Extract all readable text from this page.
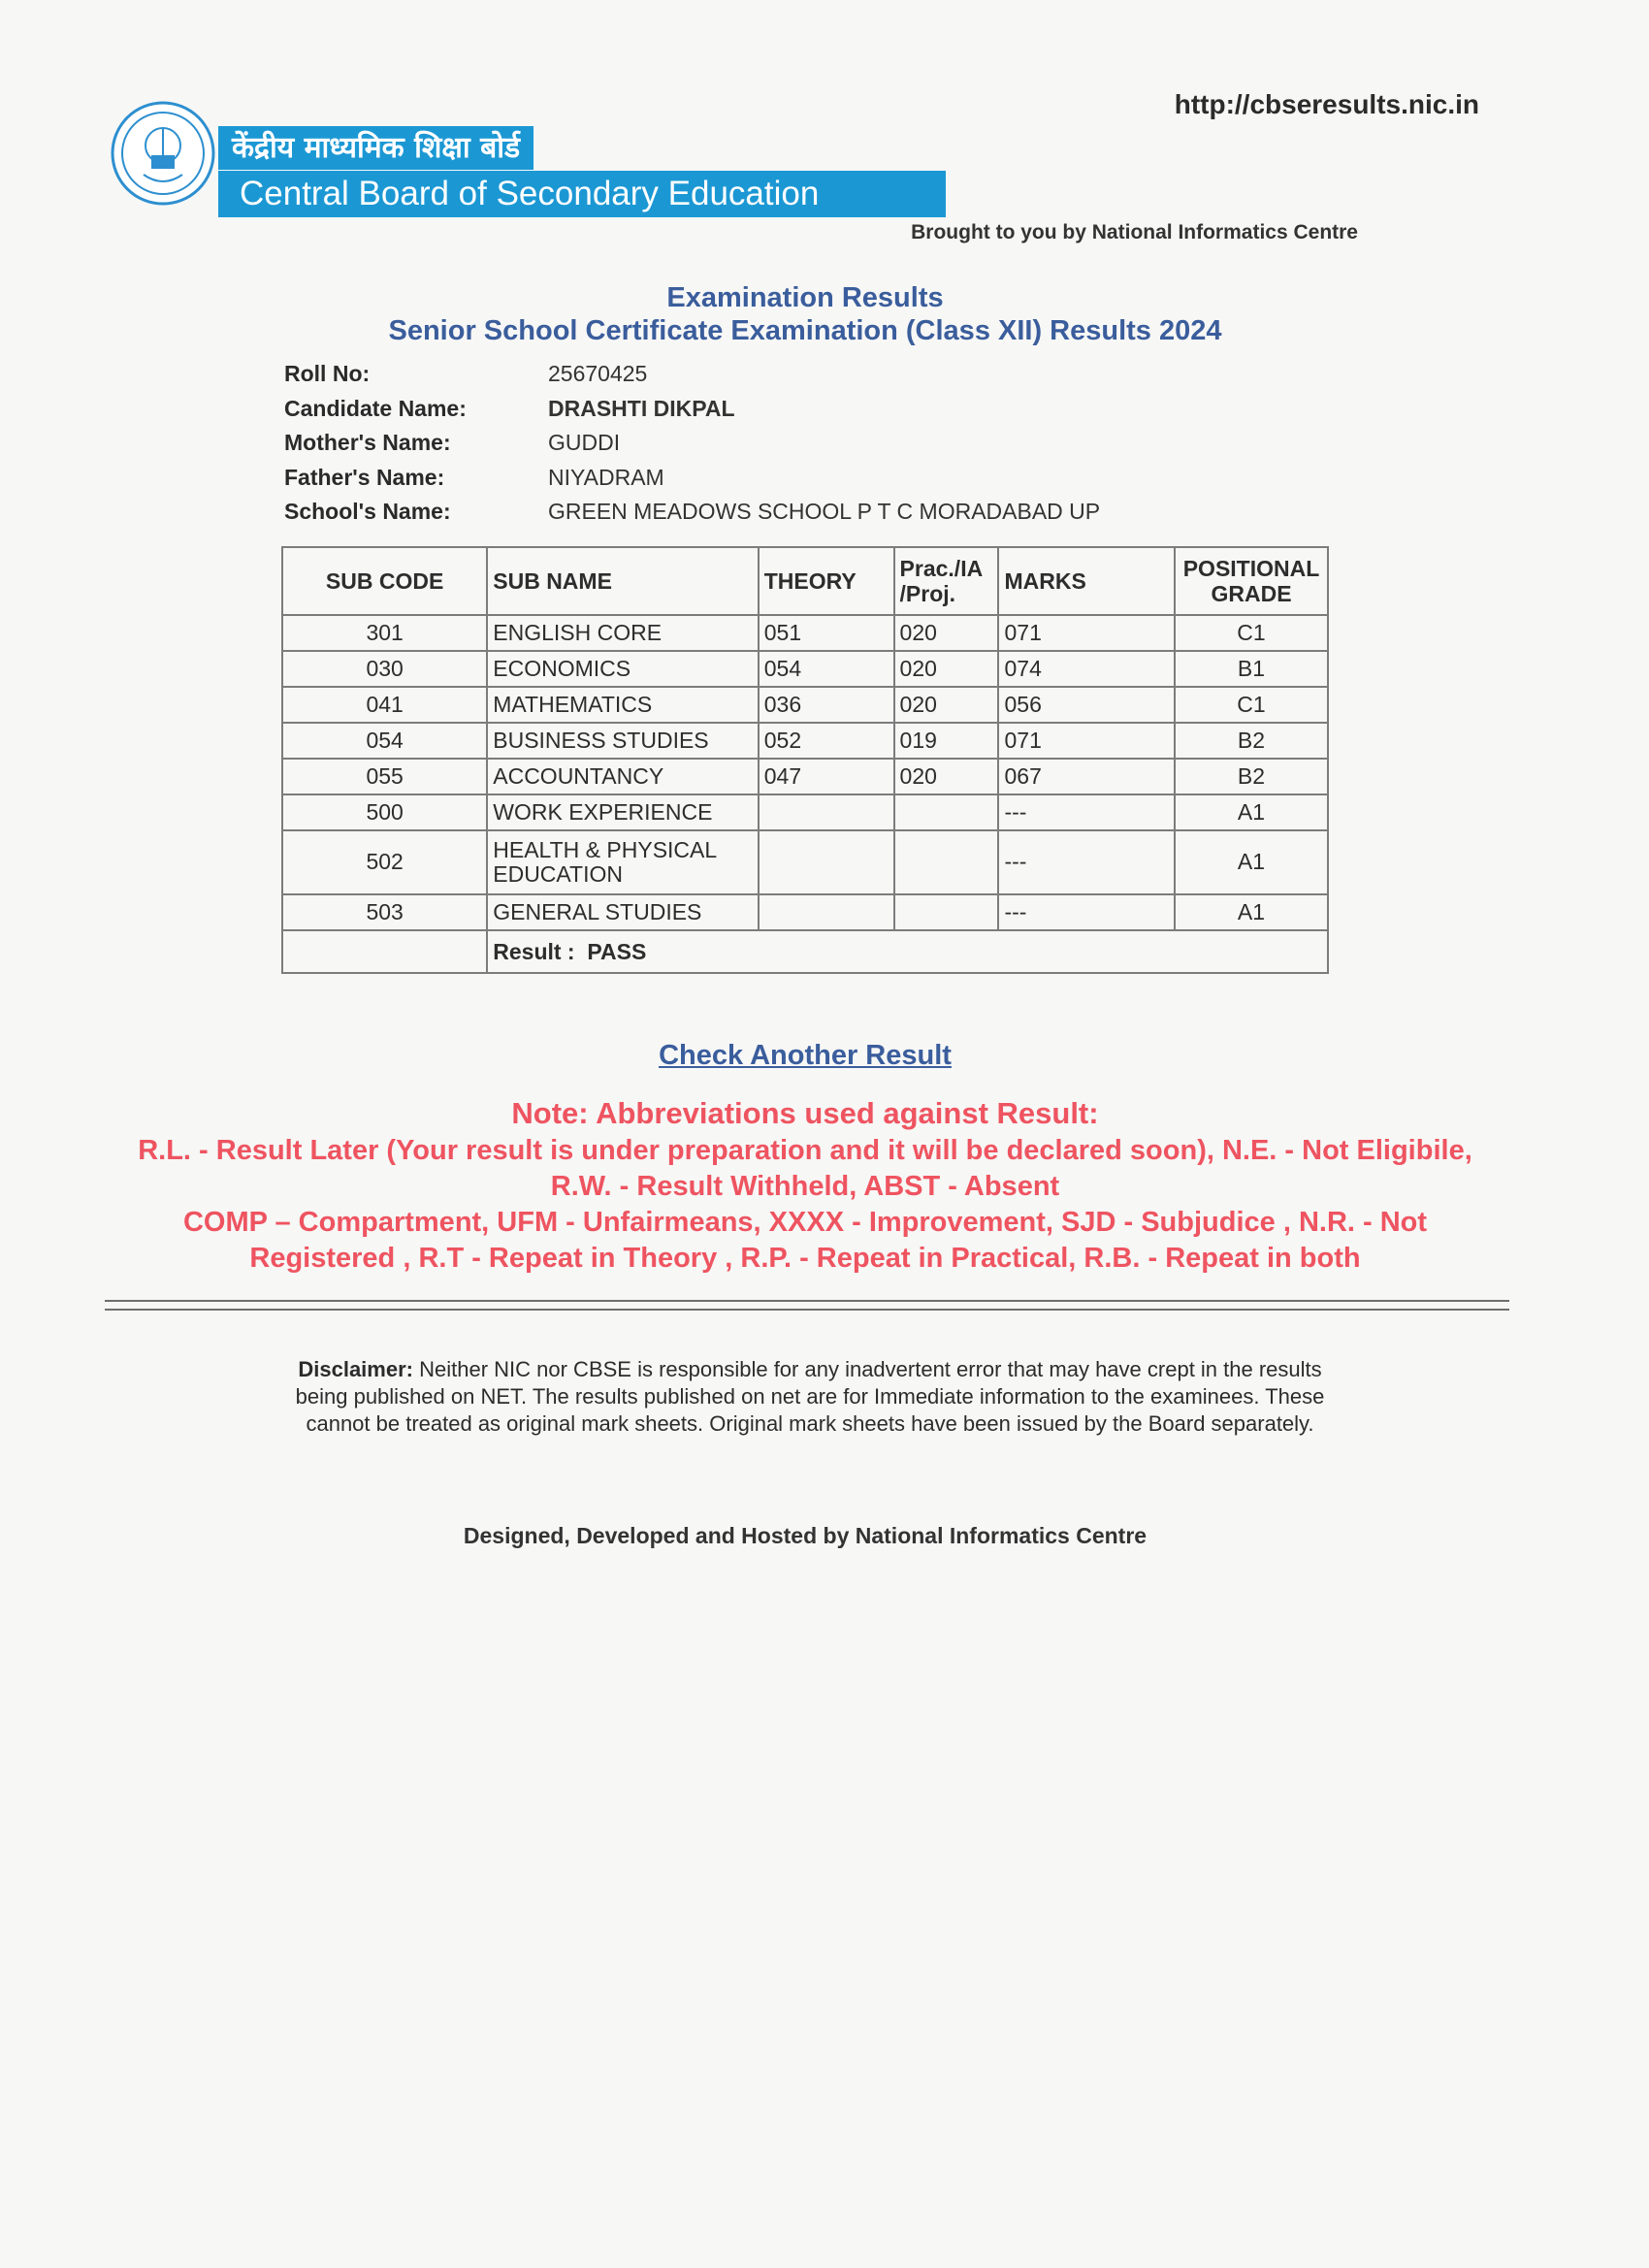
http://cbseresults.nic.in
केंद्रीय माध्यमिक शिक्षा बोर्ड
Central Board of Secondary Education
Brought to you by National Informatics Centre
Examination Results
Senior School Certificate Examination (Class XII) Results 2024
Roll No:	25670425
Candidate Name:	DRASHTI DIKPAL
Mother's Name:	GUDDI
Father's Name:	NIYADRAM
School's Name:	GREEN MEADOWS SCHOOL P T C MORADABAD UP
SUB CODE	SUB NAME	THEORY	Prac./IA /Proj.	MARKS	POSITIONAL GRADE
301	ENGLISH CORE	051	020	071	C1
030	ECONOMICS	054	020	074	B1
041	MATHEMATICS	036	020	056	C1
054	BUSINESS STUDIES	052	019	071	B2
055	ACCOUNTANCY	047	020	067	B2
500	WORK EXPERIENCE			---	A1
502	HEALTH & PHYSICAL EDUCATION			---	A1
503	GENERAL STUDIES			---	A1
	Result : PASS				
Check Another Result
Note: Abbreviations used against Result:
R.L. - Result Later (Your result is under preparation and it will be declared soon), N.E. - Not Eligibile,
R.W. - Result Withheld, ABST - Absent
COMP – Compartment, UFM - Unfairmeans, XXXX - Improvement, SJD - Subjudice , N.R. - Not
Registered , R.T - Repeat in Theory , R.P. - Repeat in Practical, R.B. - Repeat in both
Disclaimer: Neither NIC nor CBSE is responsible for any inadvertent error that may have crept in the results being published on NET. The results published on net are for Immediate information to the examinees. These cannot be treated as original mark sheets. Original mark sheets have been issued by the Board separately.
Designed, Developed and Hosted by National Informatics Centre
